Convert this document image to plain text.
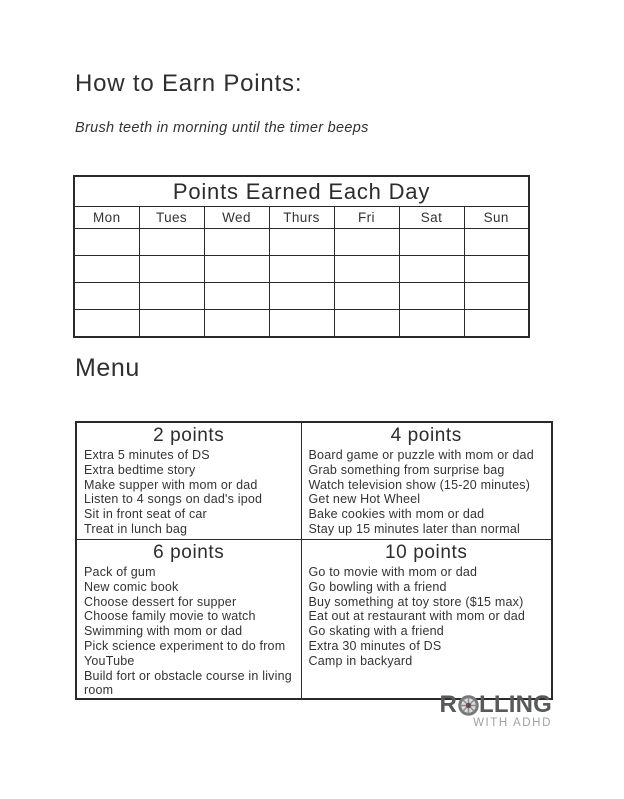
How to Earn Points:

Brush teeth in morning until the timer beeps

Points Earned Each Day						
Mon	Tues	Wed	Thurs	Fri	Sat	Sun

Menu
2 points
Extra 5 minutes of DS
Extra bedtime story
Make supper with mom or dad
Listen to 4 songs on dad's ipod
Sit in front seat of car
Treat in lunch bag

4 points
Board game or puzzle with mom or dad
Grab something from surprise bag
Watch television show (15-20 minutes)
Get new Hot Wheel
Bake cookies with mom or dad
Stay up 15 minutes later than normal

6 points
Pack of gum
New comic book
Choose dessert for supper
Choose family movie to watch
Swimming with mom or dad
Pick science experiment to do from YouTube
Build fort or obstacle course in living room

10 points
Go to movie with mom or dad
Go bowling with a friend
Buy something at toy store ($15 max)
Eat out at restaurant with mom or dad
Go skating with a friend
Extra 30 minutes of DS
Camp in backyard
R LLING
WITH ADHD
